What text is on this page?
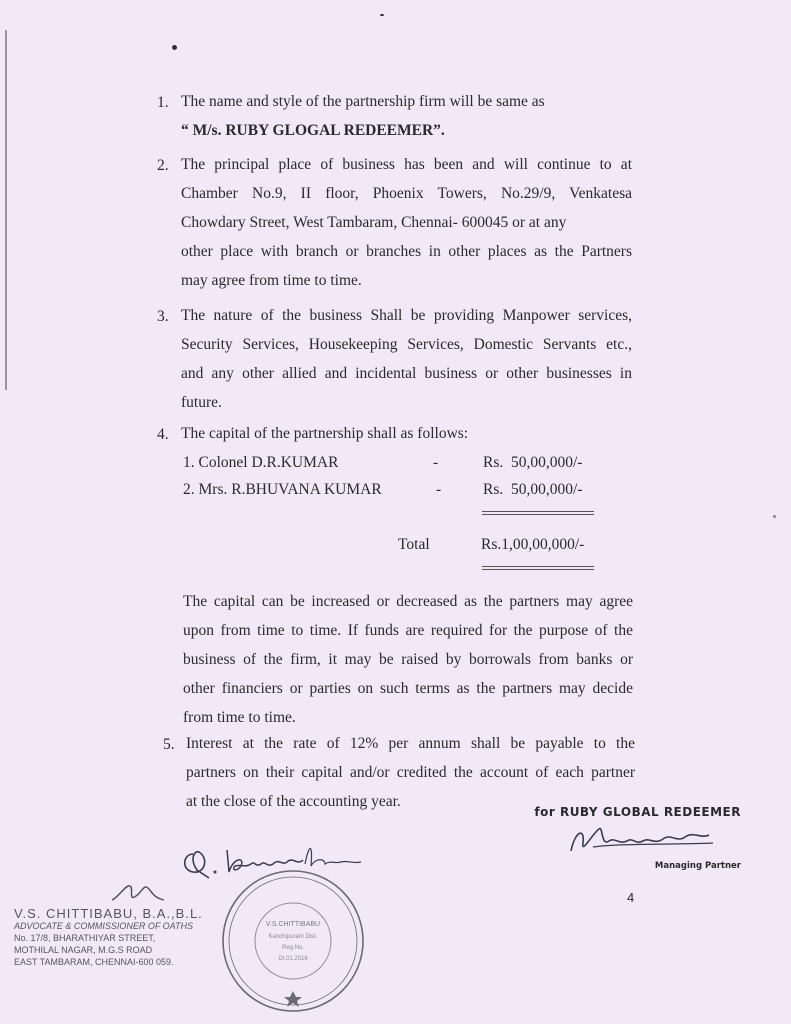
1. The name and style of the partnership firm will be same as
“ M/s. RUBY GLOGAL REDEEMER”.
2. The principal place of business has been and will continue to at
Chamber No.9, II floor, Phoenix Towers, No.29/9, Venkatesa
Chowdary Street, West Tambaram, Chennai- 600045 or at any
other place with branch or branches in other places as the Partners
may agree from time to time.
3. The nature of the business Shall be providing Manpower services,
Security Services, Housekeeping Services, Domestic Servants etc.,
and any other allied and incidental business or other businesses in
future.
4. The capital of the partnership shall as follows:
1. Colonel D.R.KUMAR	-	Rs.  50,00,000/-
2. Mrs. R.BHUVANA KUMAR	-	Rs.  50,00,000/-
Total	Rs.1,00,00,000/-
The capital can be increased or decreased as the partners may agree
upon from time to time. If funds are required for the purpose of the
business of the firm, it may be raised by borrowals from banks or
other financiers or parties on such terms as the partners may decide
from time to time.
5. Interest at the rate of 12% per annum shall be payable to the
partners on their capital and/or credited the account of each partner
at the close of the accounting year.
for RUBY GLOBAL REDEEMER
Managing Partner
4
V.S.CHITTIBABU
Kanchipuram Dist.
Reg.No.
Dt.01.2016
V.S. CHITTIBABU, B.A.,B.L.
ADVOCATE & COMMISSIONER OF OATHS
No. 17/8, BHARATHIYAR STREET,
MOTHILAL NAGAR, M.G.S ROAD
EAST TAMBARAM, CHENNAI-600 059.
